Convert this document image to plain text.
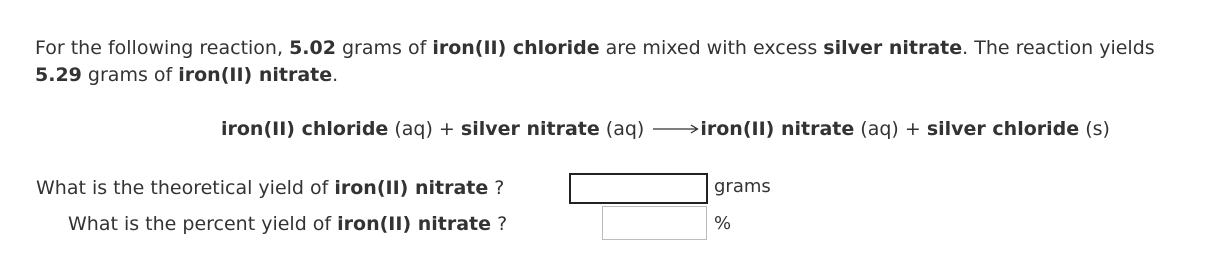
For the following reaction, 5.02 grams of iron(II) chloride are mixed with excess silver nitrate. The reaction yields 5.29 grams of iron(II) nitrate.
iron(II) chloride (aq) + silver nitrate (aq)	iron(II) nitrate (aq) + silver chloride (s)
What is the theoretical yield of iron(II) nitrate ?	grams
What is the percent yield of iron(II) nitrate ?	%
